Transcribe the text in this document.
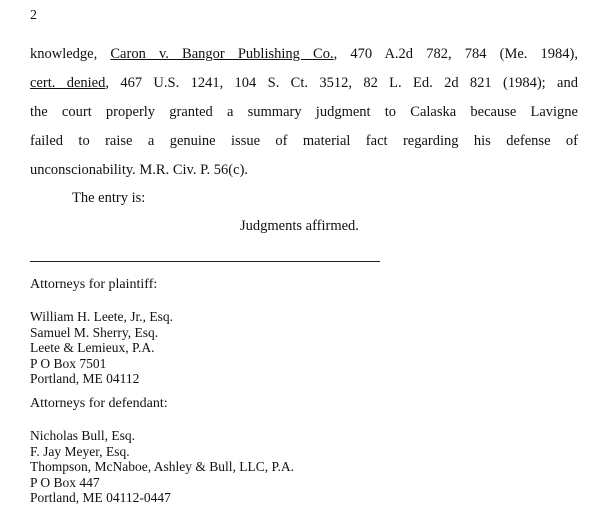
2
knowledge, Caron v. Bangor Publishing Co., 470 A.2d 782, 784 (Me. 1984),
cert. denied, 467 U.S. 1241, 104 S. Ct. 3512, 82 L. Ed. 2d 821 (1984); and
the court properly granted a summary judgment to Calaska because Lavigne
failed to raise a genuine issue of material fact regarding his defense of
unconscionability. M.R. Civ. P. 56(c).
The entry is:
Judgments affirmed.
Attorneys for plaintiff:
William H. Leete, Jr., Esq.
Samuel M. Sherry, Esq.
Leete & Lemieux, P.A.
P O Box 7501
Portland, ME 04112
Attorneys for defendant:
Nicholas Bull, Esq.
F. Jay Meyer, Esq.
Thompson, McNaboe, Ashley & Bull, LLC, P.A.
P O Box 447
Portland, ME 04112-0447
